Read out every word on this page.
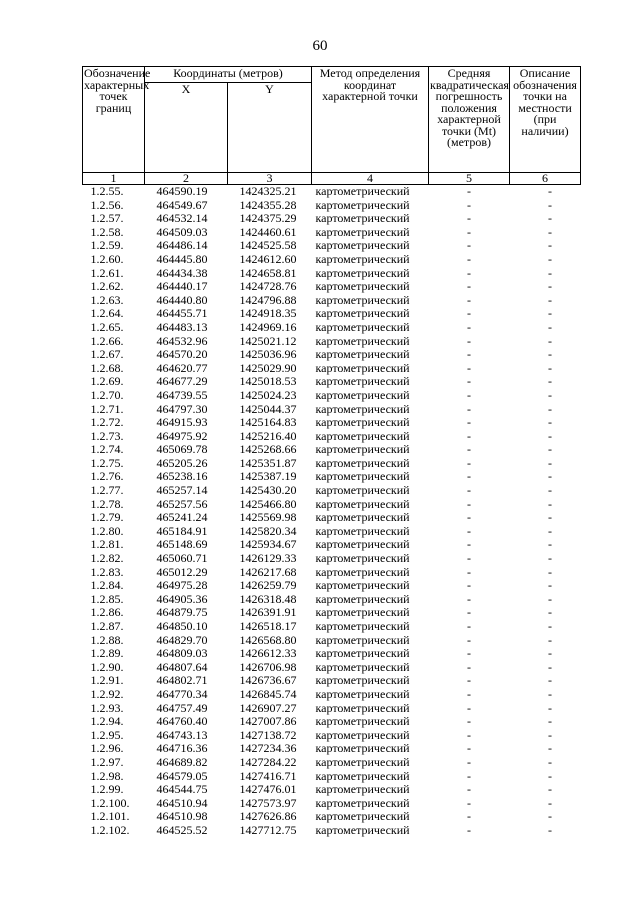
60
Обозначение характерных точек границ	Координаты (метров)		Метод определения координат характерной точки	Средняя квадратическая погрешность положения характерной точки (Mt) (метров)	Описание обозначения точки на местности (при наличии)
	X	Y			
1	2	3	4	5	6
1.2.55.	464590.19	1424325.21	картометрический	-	-
1.2.56.	464549.67	1424355.28	картометрический	-	-
1.2.57.	464532.14	1424375.29	картометрический	-	-
1.2.58.	464509.03	1424460.61	картометрический	-	-
1.2.59.	464486.14	1424525.58	картометрический	-	-
1.2.60.	464445.80	1424612.60	картометрический	-	-
1.2.61.	464434.38	1424658.81	картометрический	-	-
1.2.62.	464440.17	1424728.76	картометрический	-	-
1.2.63.	464440.80	1424796.88	картометрический	-	-
1.2.64.	464455.71	1424918.35	картометрический	-	-
1.2.65.	464483.13	1424969.16	картометрический	-	-
1.2.66.	464532.96	1425021.12	картометрический	-	-
1.2.67.	464570.20	1425036.96	картометрический	-	-
1.2.68.	464620.77	1425029.90	картометрический	-	-
1.2.69.	464677.29	1425018.53	картометрический	-	-
1.2.70.	464739.55	1425024.23	картометрический	-	-
1.2.71.	464797.30	1425044.37	картометрический	-	-
1.2.72.	464915.93	1425164.83	картометрический	-	-
1.2.73.	464975.92	1425216.40	картометрический	-	-
1.2.74.	465069.78	1425268.66	картометрический	-	-
1.2.75.	465205.26	1425351.87	картометрический	-	-
1.2.76.	465238.16	1425387.19	картометрический	-	-
1.2.77.	465257.14	1425430.20	картометрический	-	-
1.2.78.	465257.56	1425466.80	картометрический	-	-
1.2.79.	465241.24	1425569.98	картометрический	-	-
1.2.80.	465184.91	1425820.34	картометрический	-	-
1.2.81.	465148.69	1425934.67	картометрический	-	-
1.2.82.	465060.71	1426129.33	картометрический	-	-
1.2.83.	465012.29	1426217.68	картометрический	-	-
1.2.84.	464975.28	1426259.79	картометрический	-	-
1.2.85.	464905.36	1426318.48	картометрический	-	-
1.2.86.	464879.75	1426391.91	картометрический	-	-
1.2.87.	464850.10	1426518.17	картометрический	-	-
1.2.88.	464829.70	1426568.80	картометрический	-	-
1.2.89.	464809.03	1426612.33	картометрический	-	-
1.2.90.	464807.64	1426706.98	картометрический	-	-
1.2.91.	464802.71	1426736.67	картометрический	-	-
1.2.92.	464770.34	1426845.74	картометрический	-	-
1.2.93.	464757.49	1426907.27	картометрический	-	-
1.2.94.	464760.40	1427007.86	картометрический	-	-
1.2.95.	464743.13	1427138.72	картометрический	-	-
1.2.96.	464716.36	1427234.36	картометрический	-	-
1.2.97.	464689.82	1427284.22	картометрический	-	-
1.2.98.	464579.05	1427416.71	картометрический	-	-
1.2.99.	464544.75	1427476.01	картометрический	-	-
1.2.100.	464510.94	1427573.97	картометрический	-	-
1.2.101.	464510.98	1427626.86	картометрический	-	-
1.2.102.	464525.52	1427712.75	картометрический	-	-
